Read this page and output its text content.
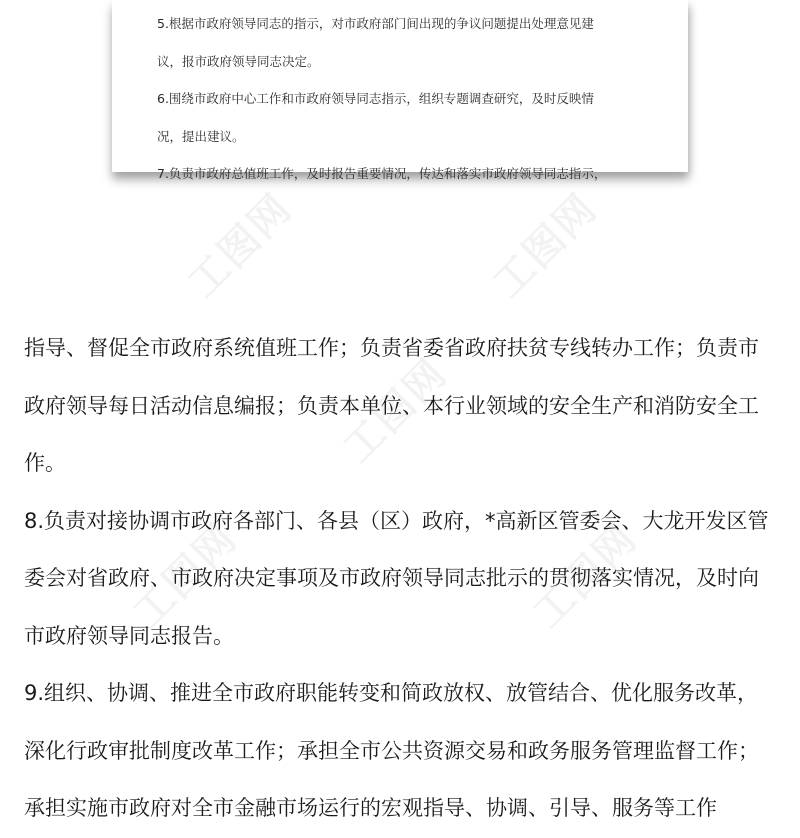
工图网	工图网
工图网
工图网	工图网

5.根据市政府领导同志的指示，对市政府部门间出现的争议问题提出处理意见建

议，报市政府领导同志决定。

6.围绕市政府中心工作和市政府领导同志指示，组织专题调查研究，及时反映情

况，提出建议。

7.负责市政府总值班工作，及时报告重要情况，传达和落实市政府领导同志指示，

指导、督促全市政府系统值班工作；负责省委省政府扶贫专线转办工作；负责市

政府领导每日活动信息编报；负责本单位、本行业领域的安全生产和消防安全工

作。

8.负责对接协调市政府各部门、各县（区）政府，*高新区管委会、大龙开发区管

委会对省政府、市政府决定事项及市政府领导同志批示的贯彻落实情况，及时向

市政府领导同志报告。

9.组织、协调、推进全市政府职能转变和简政放权、放管结合、优化服务改革，

深化行政审批制度改革工作；承担全市公共资源交易和政务服务管理监督工作；

承担实施市政府对全市金融市场运行的宏观指导、协调、引导、服务等工作
